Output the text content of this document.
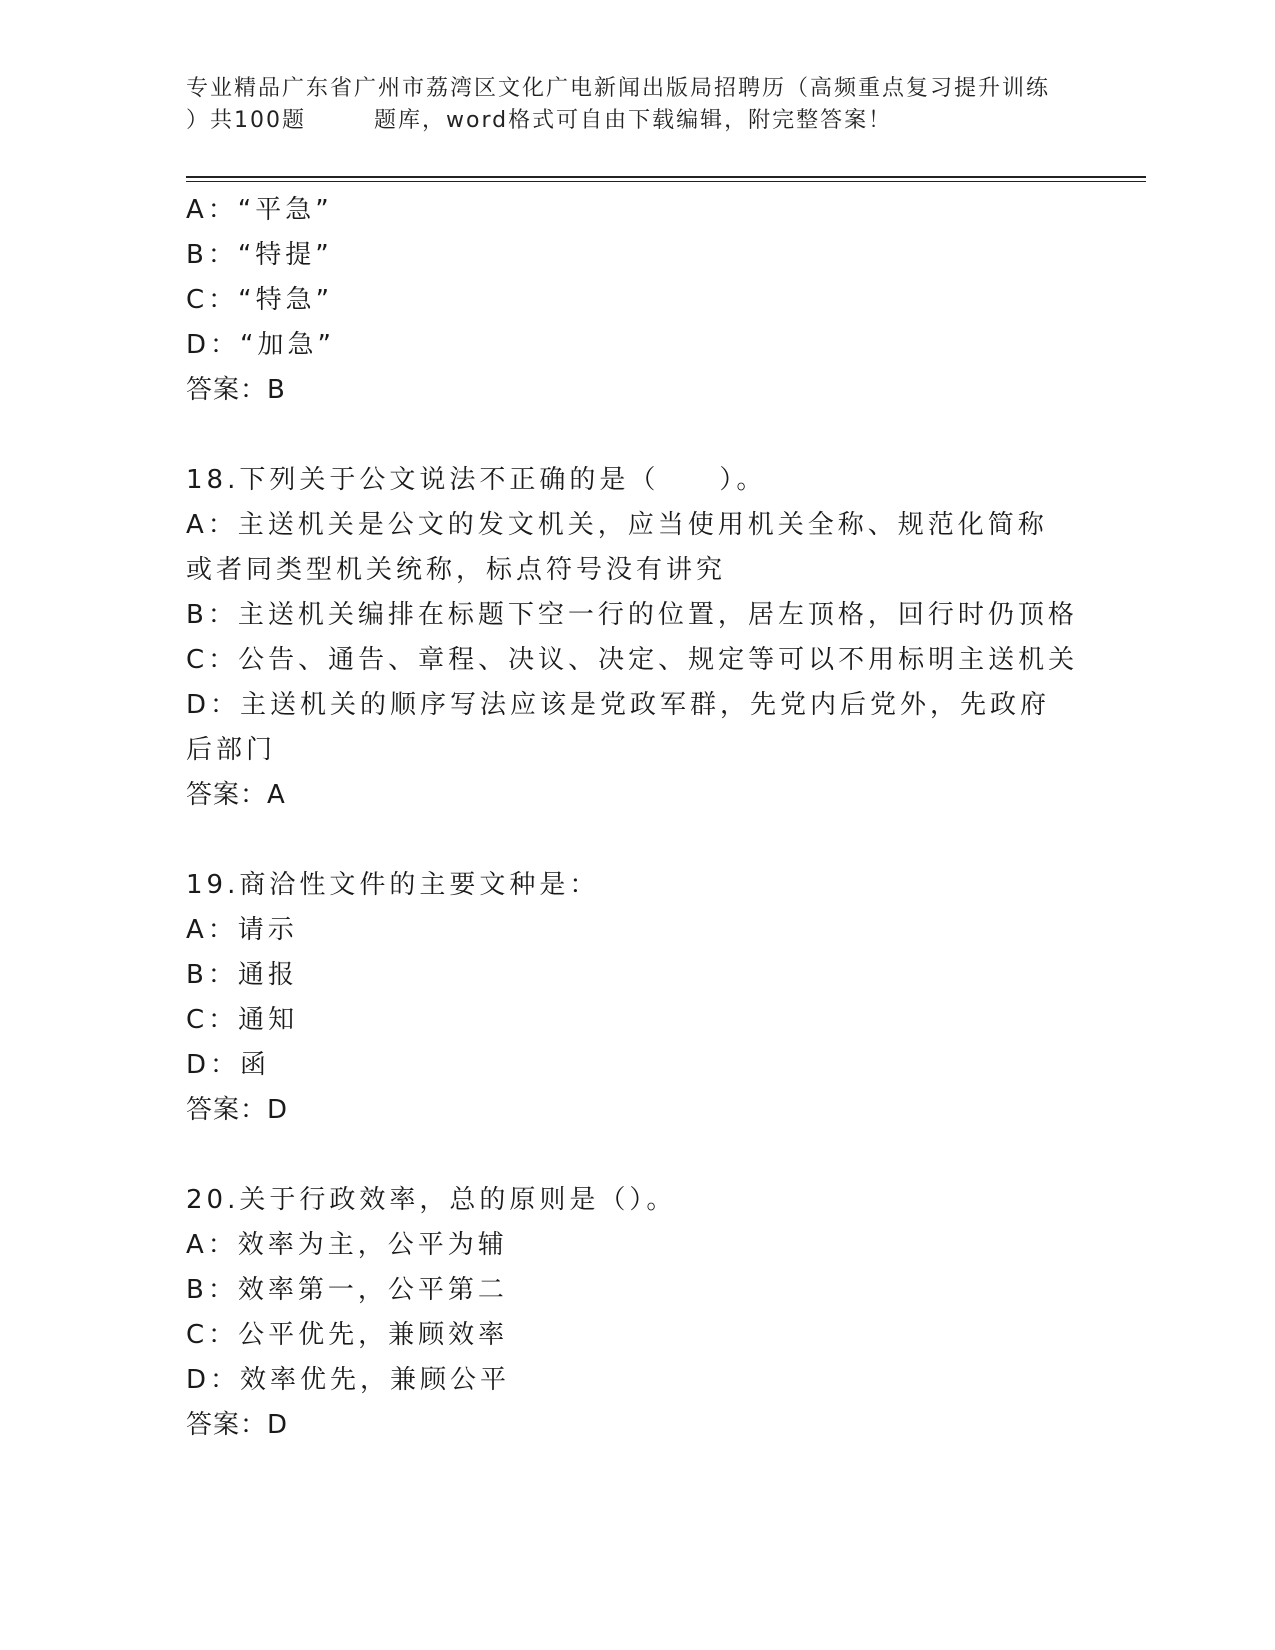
专业精品广东省广州市荔湾区文化广电新闻出版局招聘历（高频重点复习提升训练
）共100题	题库，word格式可自由下载编辑，附完整答案！
A：“平急”
B：“特提”
C：“特急”
D：“加急”
答案：B
18.下列关于公文说法不正确的是（　　）。
A：主送机关是公文的发文机关，应当使用机关全称、规范化简称或者同类型机关统称，标点符号没有讲究
B：主送机关编排在标题下空一行的位置，居左顶格，回行时仍顶格
C：公告、通告、章程、决议、决定、规定等可以不用标明主送机关
D：主送机关的顺序写法应该是党政军群，先党内后党外，先政府后部门
答案：A
19.商洽性文件的主要文种是：
A：请示
B：通报
C：通知
D：函
答案：D
20.关于行政效率，总的原则是（）。
A：效率为主，公平为辅
B：效率第一，公平第二
C：公平优先，兼顾效率
D：效率优先，兼顾公平
答案：D
